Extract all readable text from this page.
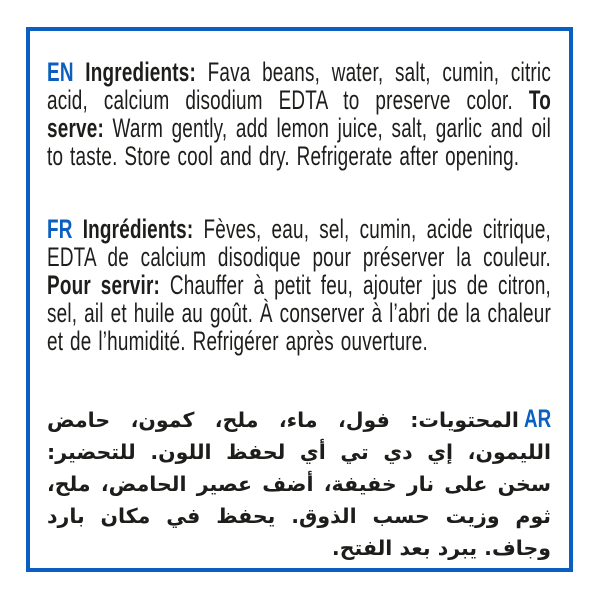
EN Ingredients: Fava beans, water, salt, cumin, citric acid, calcium disodium EDTA to preserve color. To serve: Warm gently, add lemon juice, salt, garlic and oil to taste. Store cool and dry. Refrigerate after opening.
FR Ingrédients: Fèves, eau, sel, cumin, acide citrique, EDTA de calcium disodique pour préserver la couleur. Pour servir: Chauffer à petit feu, ajouter jus de citron, sel, ail et huile au goût. À conserver à l’abri de la chaleur et de l’humidité. Refrigérer après ouverture.
ARالمحتويات: فول، ماء، ملح، كمون، حامض الليمون، إي دي تي أي لحفظ اللون. للتحضير: سخن على نار خفيفة، أضف عصير الحامض، ملح، ثوم وزيت حسب الذوق. يحفظ في مكان بارد وجاف. يبرد بعد الفتح.
